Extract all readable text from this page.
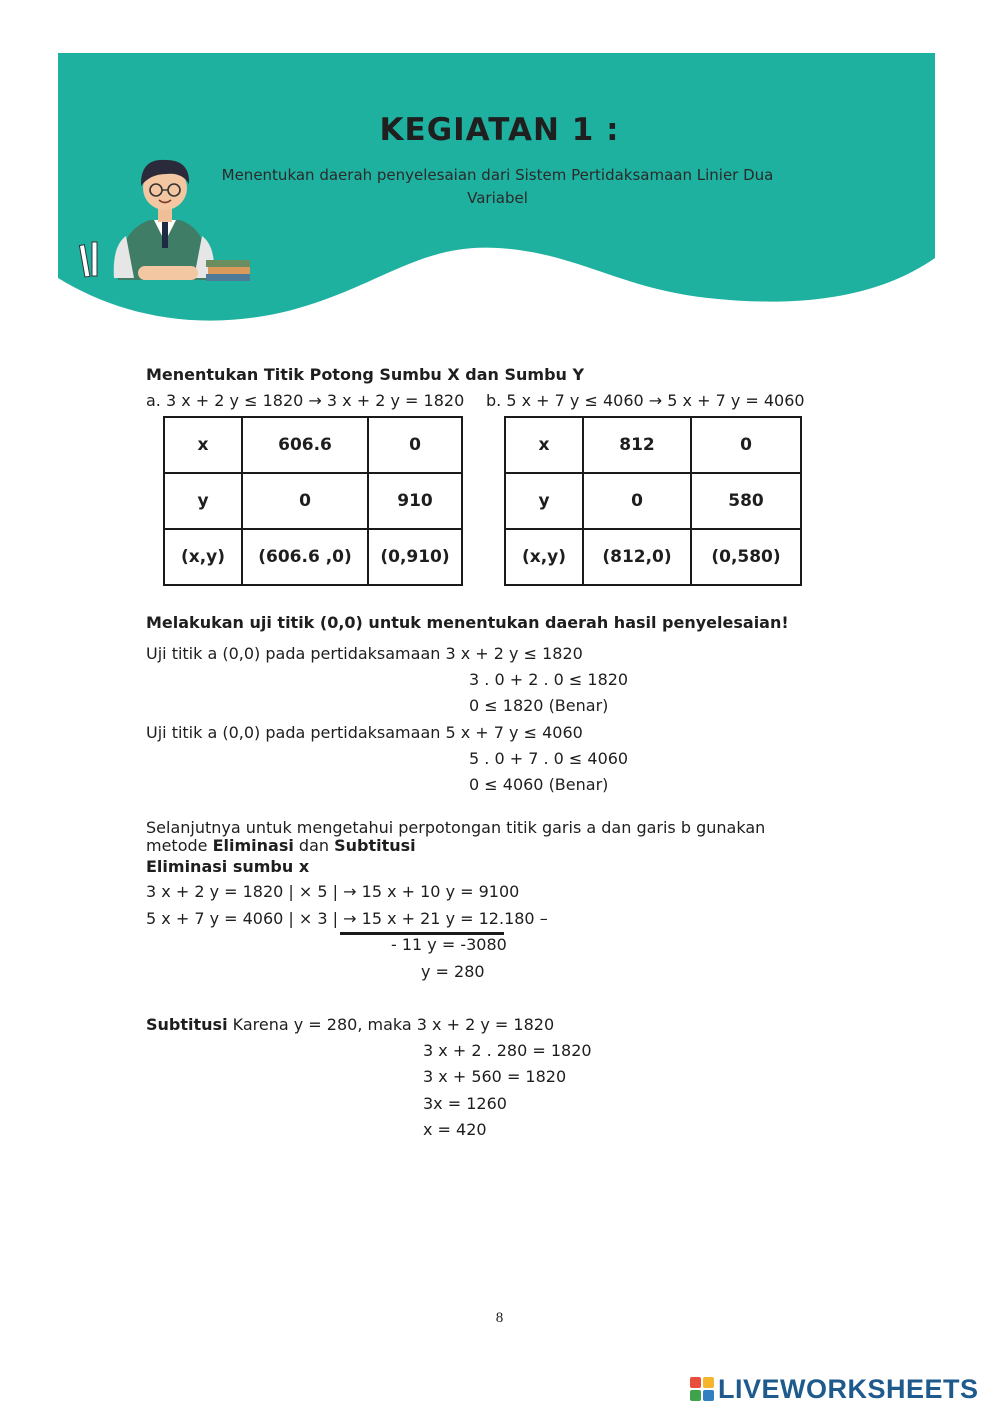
KEGIATAN 1 :

Menentukan daerah penyelesaian dari Sistem Pertidaksamaan Linier Dua Variabel

Menentukan Titik Potong Sumbu X dan Sumbu Y
a. 3 x + 2 y ≤ 1820 → 3 x + 2 y = 1820 b. 5 x + 7 y ≤ 4060 → 5 x + 7 y = 4060
x	606.6	0
y	0	910
(x,y)	(606.6 ,0)	(0,910)
x	812	0
y	0	580
(x,y)	(812,0)	(0,580)
Melakukan uji titik (0,0) untuk menentukan daerah hasil penyelesaian!
Uji titik a (0,0) pada pertidaksamaan 3 x + 2 y ≤ 1820
3 . 0 + 2 . 0 ≤ 1820
0 ≤ 1820 (Benar)
Uji titik a (0,0) pada pertidaksamaan 5 x + 7 y ≤ 4060
5 . 0 + 7 . 0 ≤ 4060
0 ≤ 4060 (Benar)
Selanjutnya untuk mengetahui perpotongan titik garis a dan garis b gunakan
metode Eliminasi dan Subtitusi
Eliminasi sumbu x
3 x + 2 y = 1820 | × 5 | → 15 x + 10 y = 9100
5 x + 7 y = 4060 | × 3 | → 15 x + 21 y = 12.180 –
- 11 y = -3080
y = 280
Subtitusi Karena y = 280, maka 3 x + 2 y = 1820
3 x + 2 . 280 = 1820
3 x + 560 = 1820
3x = 1260
x = 420
8
LIVEWORKSHEETS
